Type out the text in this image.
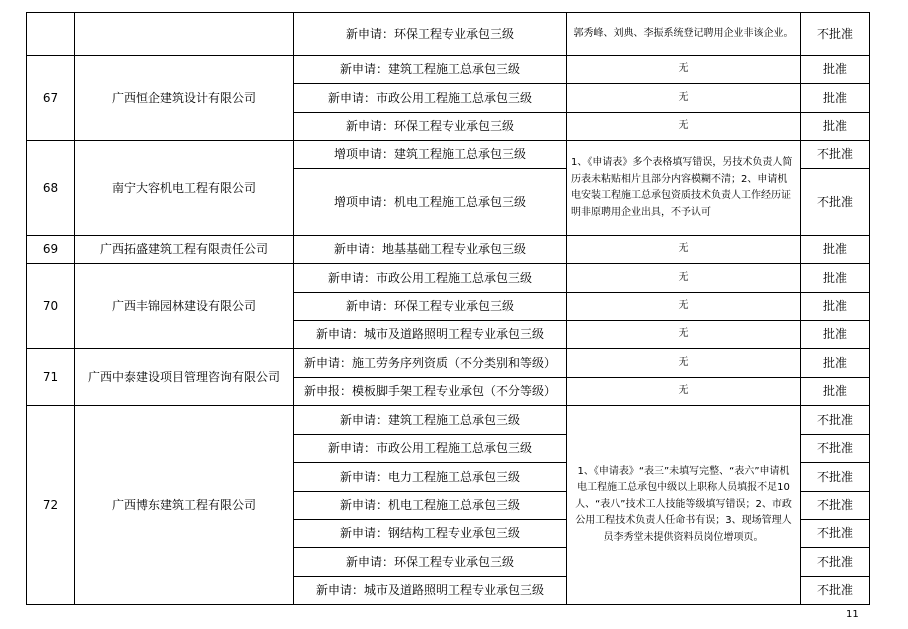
		新申请：环保工程专业承包三级	郭秀峰、刘典、李振系统登记聘用企业非该企业。	不批准
67	广西恒企建筑设计有限公司	新申请：建筑工程施工总承包三级	无	批准
		新申请：市政公用工程施工总承包三级	无	批准
		新申请：环保工程专业承包三级	无	批准
68	南宁大容机电工程有限公司	增项申请：建筑工程施工总承包三级	1、《申请表》多个表格填写错误，另技术负责人简历表未粘贴相片且部分内容模糊不清；2、申请机电安装工程施工总承包资质技术负责人工作经历证明非原聘用企业出具，不予认可	不批准
		增项申请：机电工程施工总承包三级		不批准
69	广西拓盛建筑工程有限责任公司	新申请：地基基础工程专业承包三级	无	批准
70	广西丰锦园林建设有限公司	新申请：市政公用工程施工总承包三级	无	批准
		新申请：环保工程专业承包三级	无	批准
		新申请：城市及道路照明工程专业承包三级	无	批准
71	广西中泰建设项目管理咨询有限公司	新申请：施工劳务序列资质（不分类别和等级）	无	批准
		新申报：模板脚手架工程专业承包（不分等级）	无	批准
72	广西博东建筑工程有限公司	新申请：建筑工程施工总承包三级	1、《申请表》“表三”未填写完整、“表六”申请机电工程施工总承包中级以上职称人员填报不足10人、“表八”技术工人技能等级填写错误；2、市政公用工程技术负责人任命书有误；3、现场管理人员李秀堂未提供资料员岗位增项页。	不批准
		新申请：市政公用工程施工总承包三级		不批准
		新申请：电力工程施工总承包三级		不批准
		新申请：机电工程施工总承包三级		不批准
		新申请：钢结构工程专业承包三级		不批准
		新申请：环保工程专业承包三级		不批准
		新申请：城市及道路照明工程专业承包三级		不批准
11
